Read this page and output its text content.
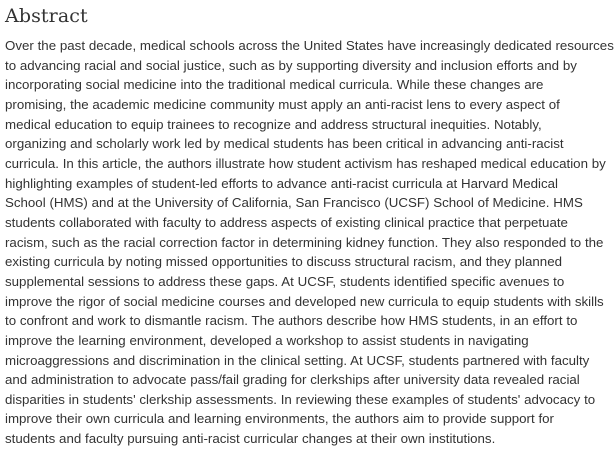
Abstract

Over the past decade, medical schools across the United States have increasingly dedicated resources
to advancing racial and social justice, such as by supporting diversity and inclusion efforts and by
incorporating social medicine into the traditional medical curricula. While these changes are
promising, the academic medicine community must apply an anti-racist lens to every aspect of
medical education to equip trainees to recognize and address structural inequities. Notably,
organizing and scholarly work led by medical students has been critical in advancing anti-racist
curricula. In this article, the authors illustrate how student activism has reshaped medical education by
highlighting examples of student-led efforts to advance anti-racist curricula at Harvard Medical
School (HMS) and at the University of California, San Francisco (UCSF) School of Medicine. HMS
students collaborated with faculty to address aspects of existing clinical practice that perpetuate
racism, such as the racial correction factor in determining kidney function. They also responded to the
existing curricula by noting missed opportunities to discuss structural racism, and they planned
supplemental sessions to address these gaps. At UCSF, students identified specific avenues to
improve the rigor of social medicine courses and developed new curricula to equip students with skills
to confront and work to dismantle racism. The authors describe how HMS students, in an effort to
improve the learning environment, developed a workshop to assist students in navigating
microaggressions and discrimination in the clinical setting. At UCSF, students partnered with faculty
and administration to advocate pass/fail grading for clerkships after university data revealed racial
disparities in students' clerkship assessments. In reviewing these examples of students' advocacy to
improve their own curricula and learning environments, the authors aim to provide support for
students and faculty pursuing anti-racist curricular changes at their own institutions.
